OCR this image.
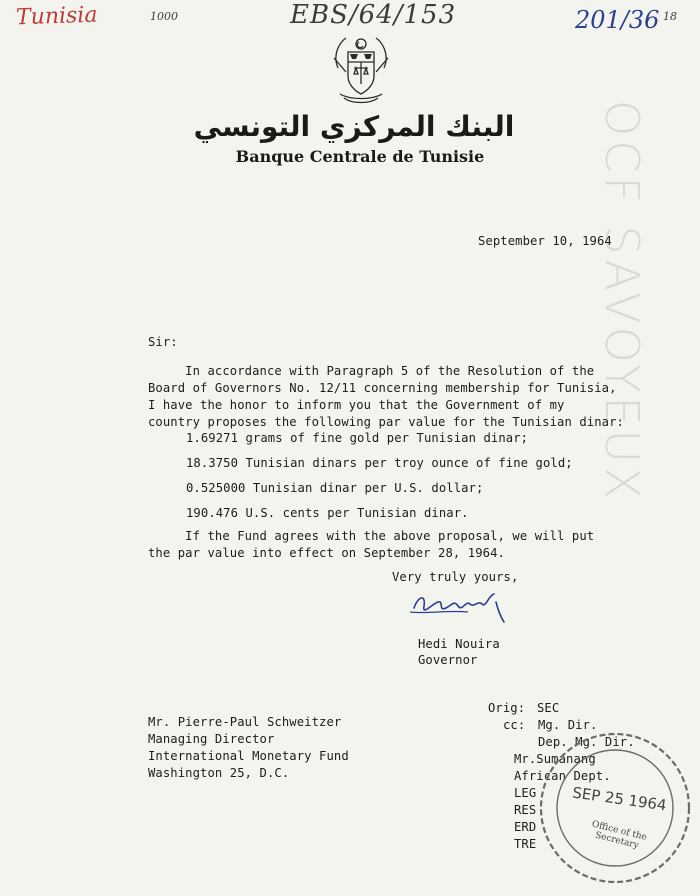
Tunisia	1000	EBS/64/153	201/36 18
OCF SAVOYEUX
البنك المركزي التونسي
Banque Centrale de Tunisie
September 10, 1964
Sir:
In accordance with Paragraph 5 of the Resolution of the
Board of Governors No. 12/11 concerning membership for Tunisia,
I have the honor to inform you that the Government of my
country proposes the following par value for the Tunisian dinar:
1.69271 grams of fine gold per Tunisian dinar;
18.3750 Tunisian dinars per troy ounce of fine gold;
0.525000 Tunisian dinar per U.S. dollar;
190.476 U.S. cents per Tunisian dinar.
If the Fund agrees with the above proposal, we will put
the par value into effect on September 28, 1964.
Very truly yours,
Hedi Nouira
Governor
Mr. Pierre-Paul Schweitzer
Managing Director
International Monetary Fund
Washington 25, D.C.
Orig: SEC
cc:	Mg. Dir.
Dep. Mg. Dir.
Mr.Sumanang
African Dept.
LEG
RES
ERD
TRE
SEP 25 1964
Office of the Secretary
